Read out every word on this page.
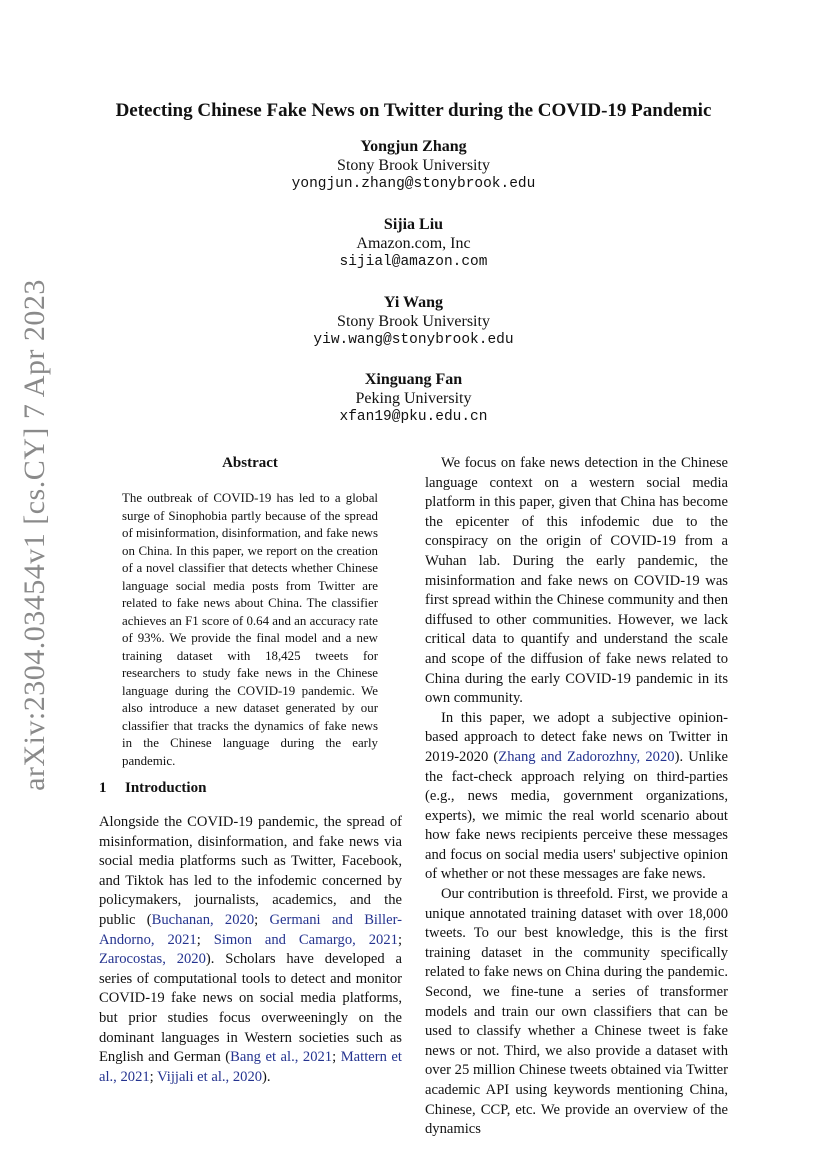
arXiv:2304.03454v1 [cs.CY] 7 Apr 2023
Detecting Chinese Fake News on Twitter during the COVID-19 Pandemic
Yongjun Zhang
Stony Brook University
yongjun.zhang@stonybrook.edu
Sijia Liu
Amazon.com, Inc
sijial@amazon.com
Yi Wang
Stony Brook University
yiw.wang@stonybrook.edu
Xinguang Fan
Peking University
xfan19@pku.edu.cn
Abstract

The outbreak of COVID-19 has led to a global surge of Sinophobia partly because of the spread of misinformation, disinformation, and fake news on China. In this paper, we report on the creation of a novel classifier that detects whether Chinese language social media posts from Twitter are related to fake news about China. The classifier achieves an F1 score of 0.64 and an accuracy rate of 93%. We provide the final model and a new training dataset with 18,425 tweets for researchers to study fake news in the Chinese language during the COVID-19 pandemic. We also introduce a new dataset generated by our classifier that tracks the dynamics of fake news in the Chinese language during the early pandemic.

1 Introduction

Alongside the COVID-19 pandemic, the spread of misinformation, disinformation, and fake news via social media platforms such as Twitter, Facebook, and Tiktok has led to the infodemic concerned by policymakers, journalists, academics, and the public (Buchanan, 2020; Germani and Biller-Andorno, 2021; Simon and Camargo, 2021; Zarocostas, 2020). Scholars have developed a series of computational tools to detect and monitor COVID-19 fake news on social media platforms, but prior studies focus overweeningly on the dominant languages in Western societies such as English and German (Bang et al., 2021; Mattern et al., 2021; Vijjali et al., 2020).

We focus on fake news detection in the Chinese language context on a western social media platform in this paper, given that China has become the epicenter of this infodemic due to the conspiracy on the origin of COVID-19 from a Wuhan lab. During the early pandemic, the misinformation and fake news on COVID-19 was first spread within the Chinese community and then diffused to other communities. However, we lack critical data to quantify and understand the scale and scope of the diffusion of fake news related to China during the early COVID-19 pandemic in its own community.

In this paper, we adopt a subjective opinion-based approach to detect fake news on Twitter in 2019-2020 (Zhang and Zadorozhny, 2020). Unlike the fact-check approach relying on third-parties (e.g., news media, government organizations, experts), we mimic the real world scenario about how fake news recipients perceive these messages and focus on social media users' subjective opinion of whether or not these messages are fake news.

Our contribution is threefold. First, we provide a unique annotated training dataset with over 18,000 tweets. To our best knowledge, this is the first training dataset in the community specifically related to fake news on China during the pandemic. Second, we fine-tune a series of transformer models and train our own classifiers that can be used to classify whether a Chinese tweet is fake news or not. Third, we also provide a dataset with over 25 million Chinese tweets obtained via Twitter academic API using keywords mentioning China, Chinese, CCP, etc. We provide an overview of the dynamics
